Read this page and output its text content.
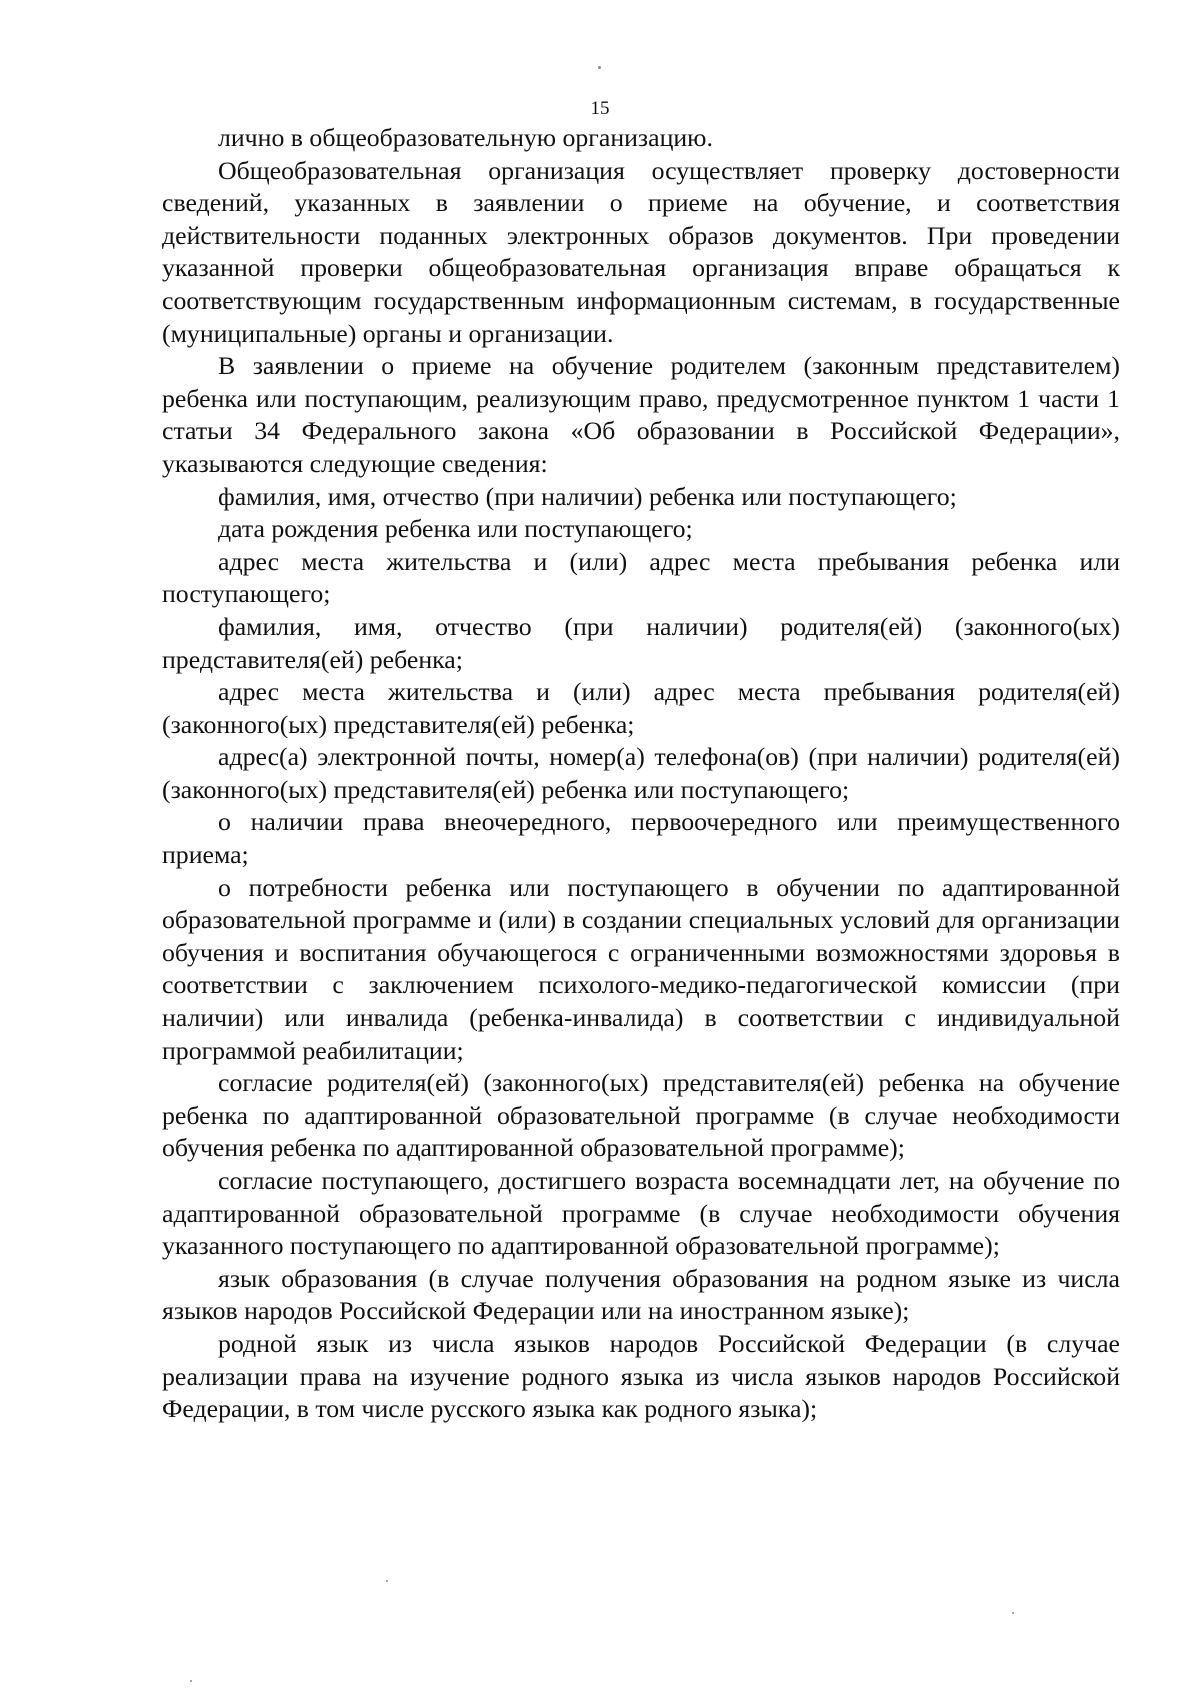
15

лично в общеобразовательную организацию.

Общеобразовательная организация осуществляет проверку достоверности сведений, указанных в заявлении о приеме на обучение, и соответствия действительности поданных электронных образов документов. При проведении указанной проверки общеобразовательная организация вправе обращаться к соответствующим государственным информационным системам, в государственные (муниципальные) органы и организации.

В заявлении о приеме на обучение родителем (законным представителем) ребенка или поступающим, реализующим право, предусмотренное пунктом 1 части 1 статьи 34 Федерального закона «Об образовании в Российской Федерации», указываются следующие сведения:

фамилия, имя, отчество (при наличии) ребенка или поступающего;

дата рождения ребенка или поступающего;

адрес места жительства и (или) адрес места пребывания ребенка или поступающего;

фамилия, имя, отчество (при наличии) родителя(ей) (законного(ых) представителя(ей) ребенка;

адрес места жительства и (или) адрес места пребывания родителя(ей) (законного(ых) представителя(ей) ребенка;

адрес(а) электронной почты, номер(а) телефона(ов) (при наличии) родителя(ей) (законного(ых) представителя(ей) ребенка или поступающего;

о наличии права внеочередного, первоочередного или преимущественного приема;

о потребности ребенка или поступающего в обучении по адаптированной образовательной программе и (или) в создании специальных условий для организации обучения и воспитания обучающегося с ограниченными возможностями здоровья в соответствии с заключением психолого-медико-педагогической комиссии (при наличии) или инвалида (ребенка-инвалида) в соответствии с индивидуальной программой реабилитации;

согласие родителя(ей) (законного(ых) представителя(ей) ребенка на обучение ребенка по адаптированной образовательной программе (в случае необходимости обучения ребенка по адаптированной образовательной программе);

согласие поступающего, достигшего возраста восемнадцати лет, на обучение по адаптированной образовательной программе (в случае необходимости обучения указанного поступающего по адаптированной образовательной программе);

язык образования (в случае получения образования на родном языке из числа языков народов Российской Федерации или на иностранном языке);

родной язык из числа языков народов Российской Федерации (в случае реализации права на изучение родного языка из числа языков народов Российской Федерации, в том числе русского языка как родного языка);
